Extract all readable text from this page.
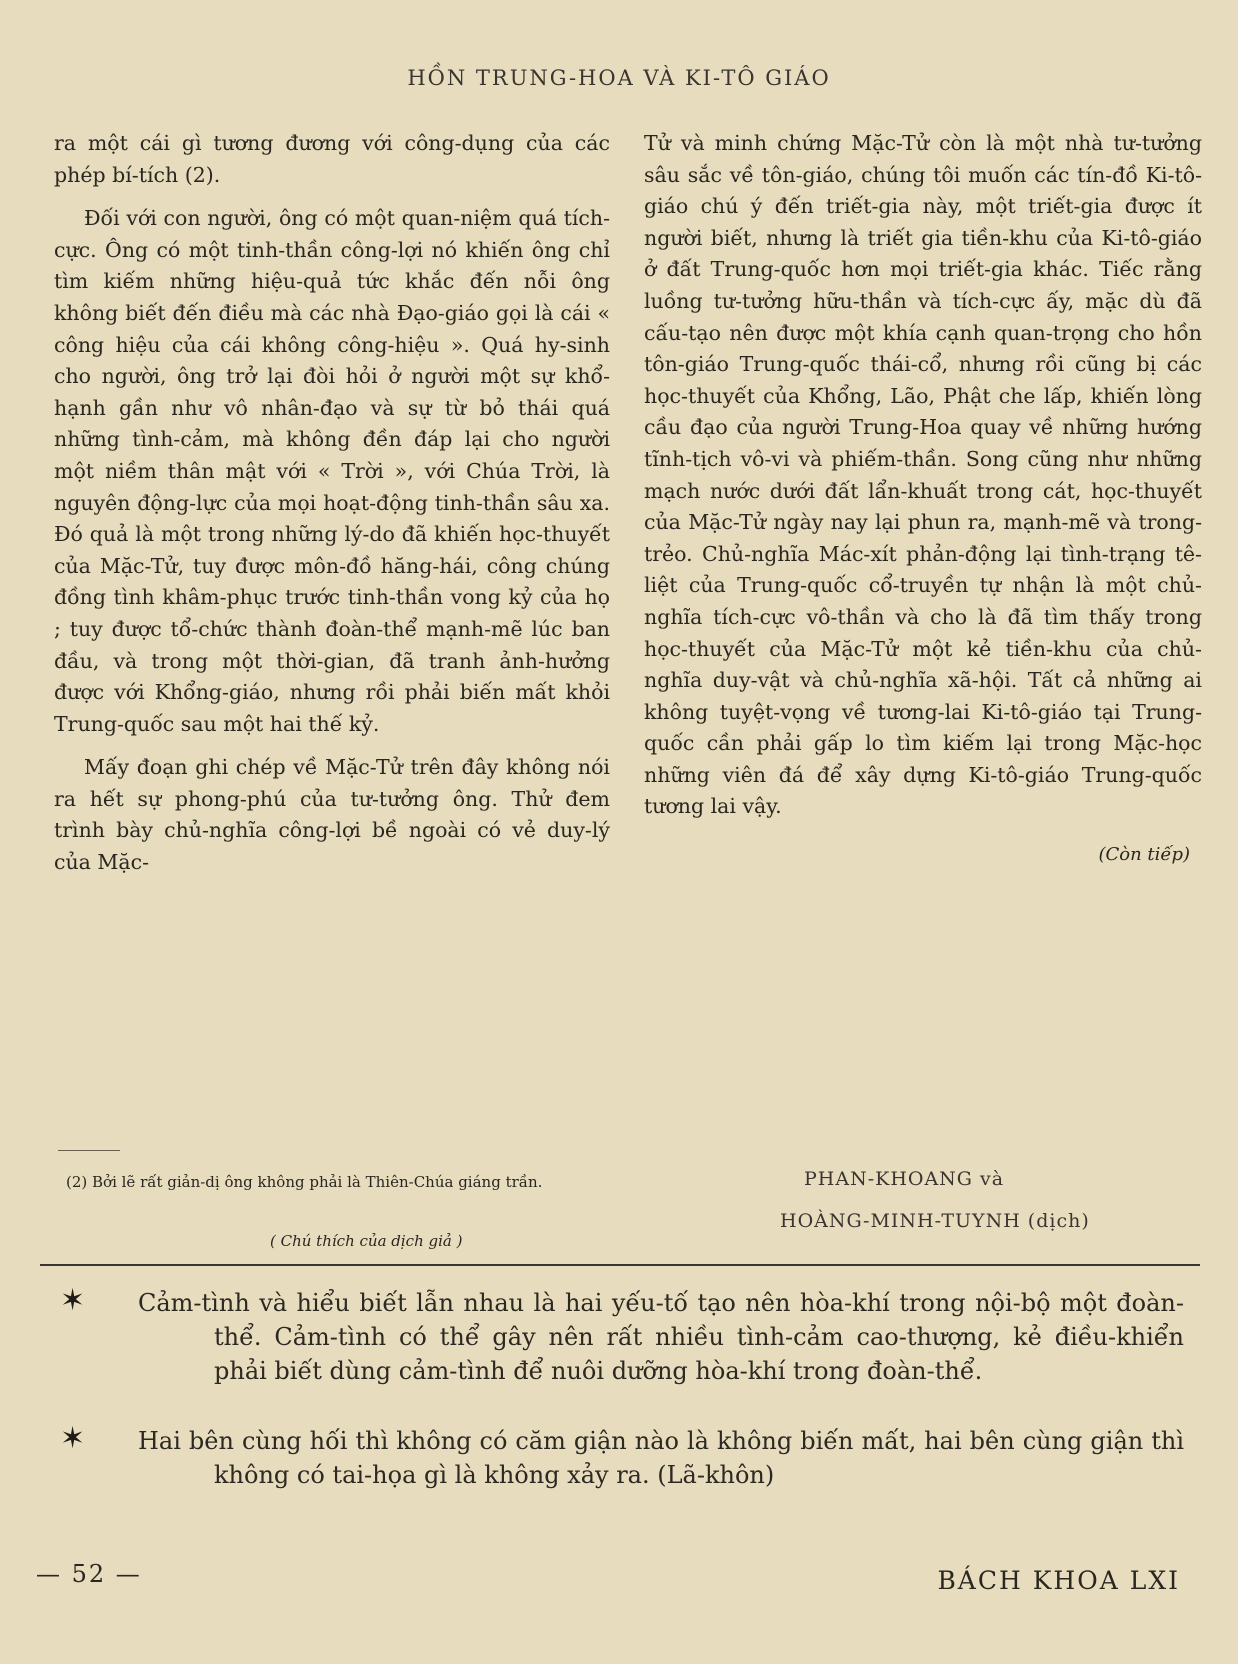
HỒN TRUNG-HOA VÀ KI-TÔ GIÁO

ra một cái gì tương đương với công-dụng của các phép bí-tích (2).

Đối với con người, ông có một quan-niệm quá tích-cực. Ông có một tinh-thần công-lợi nó khiến ông chỉ tìm kiếm những hiệu-quả tức khắc đến nỗi ông không biết đến điều mà các nhà Đạo-giáo gọi là cái « công hiệu của cái không công-hiệu ». Quá hy-sinh cho người, ông trở lại đòi hỏi ở người một sự khổ-hạnh gần như vô nhân-đạo và sự từ bỏ thái quá những tình-cảm, mà không đền đáp lại cho người một niềm thân mật với « Trời », với Chúa Trời, là nguyên động-lực của mọi hoạt-động tinh-thần sâu xa. Đó quả là một trong những lý-do đã khiến học-thuyết của Mặc-Tử, tuy được môn-đồ hăng-hái, công chúng đồng tình khâm-phục trước tinh-thần vong kỷ của họ ; tuy được tổ-chức thành đoàn-thể mạnh-mẽ lúc ban đầu, và trong một thời-gian, đã tranh ảnh-hưởng được với Khổng-giáo, nhưng rồi phải biến mất khỏi Trung-quốc sau một hai thế kỷ.

Mấy đoạn ghi chép về Mặc-Tử trên đây không nói ra hết sự phong-phú của tư-tưởng ông. Thử đem trình bày chủ-nghĩa công-lợi bề ngoài có vẻ duy-lý của Mặc-

Tử và minh chứng Mặc-Tử còn là một nhà tư-tưởng sâu sắc về tôn-giáo, chúng tôi muốn các tín-đồ Ki-tô-giáo chú ý đến triết-gia này, một triết-gia được ít người biết, nhưng là triết gia tiền-khu của Ki-tô-giáo ở đất Trung-quốc hơn mọi triết-gia khác. Tiếc rằng luồng tư-tưởng hữu-thần và tích-cực ấy, mặc dù đã cấu-tạo nên được một khía cạnh quan-trọng cho hồn tôn-giáo Trung-quốc thái-cổ, nhưng rồi cũng bị các học-thuyết của Khổng, Lão, Phật che lấp, khiến lòng cầu đạo của người Trung-Hoa quay về những hướng tĩnh-tịch vô-vi và phiếm-thần. Song cũng như những mạch nước dưới đất lẩn-khuất trong cát, học-thuyết của Mặc-Tử ngày nay lại phun ra, mạnh-mẽ và trong-trẻo. Chủ-nghĩa Mác-xít phản-động lại tình-trạng tê-liệt của Trung-quốc cổ-truyền tự nhận là một chủ-nghĩa tích-cực vô-thần và cho là đã tìm thấy trong học-thuyết của Mặc-Tử một kẻ tiền-khu của chủ-nghĩa duy-vật và chủ-nghĩa xã-hội. Tất cả những ai không tuyệt-vọng về tương-lai Ki-tô-giáo tại Trung-quốc cần phải gấp lo tìm kiếm lại trong Mặc-học những viên đá để xây dựng Ki-tô-giáo Trung-quốc tương lai vậy.

(Còn tiếp)
(2) Bởi lẽ rất giản-dị ông không phải là Thiên-Chúa giáng trần.
( Chú thích của dịch giả )
PHAN-KHOANG và
HOÀNG-MINH-TUYNH (dịch)
✶ Cảm-tình và hiểu biết lẫn nhau là hai yếu-tố tạo nên hòa-khí trong nội-bộ một đoàn-thể. Cảm-tình có thể gây nên rất nhiều tình-cảm cao-thượng, kẻ điều-khiển phải biết dùng cảm-tình để nuôi dưỡng hòa-khí trong đoàn-thể.

✶ Hai bên cùng hối thì không có căm giận nào là không biến mất, hai bên cùng giận thì không có tai-họa gì là không xảy ra. (Lã-khôn)

— 52 —	BÁCH KHOA LXI
